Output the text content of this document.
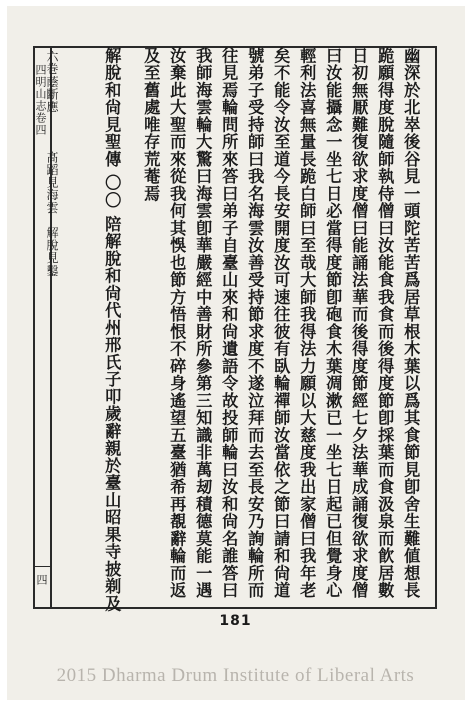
四明山志卷四
四
六巻蔭斷應　　　髙蹈見海雲　解脫見鑿	幽深於北崒後谷見一頭陀苦苦爲居草根木葉以爲其食節見卽舍生難値想長
跪願得度脫隨師執侍僧曰汝能食我食而後得度節卽採葉而食汲泉而飮居數
日初無厭難復欲求度僧曰能誦法華而後得度節經七夕法華成誦復欲求度僧
曰汝能攝念一坐七日必當得度節卽砲食木葉凋漱已一坐七日起已但覺身心
輕利法喜無量長跪白師曰至哉大師我得法力願以大慈度我出家僧曰我年老
矣不能令汝至道今長安開度汝可速往彼有臥輪禪師汝當依之節曰請和尙道
號弟子受持師曰我名海雲汝善受持節求度不遂泣拜而去至長安乃詢輪所而
往見焉輪問所來答曰弟子自臺山來和尙遺語令故投師輪曰汝和尙名誰答曰
我師海雲輪大驚曰海雲卽華嚴經中善財所參第三知識非萬刼積德莫能一遇
汝棄此大聖而來從我何其悞也節方悟恨不碎身遙望五臺猶希再覩辭輪而返
及至舊處唯存荒菴焉
解脫和尙見聖傳 〇〇 陪解脫和尙代州邢氏子叩歲辭親於臺山昭果寺披剃及
181
2015 Dharma Drum Institute of Liberal Arts
